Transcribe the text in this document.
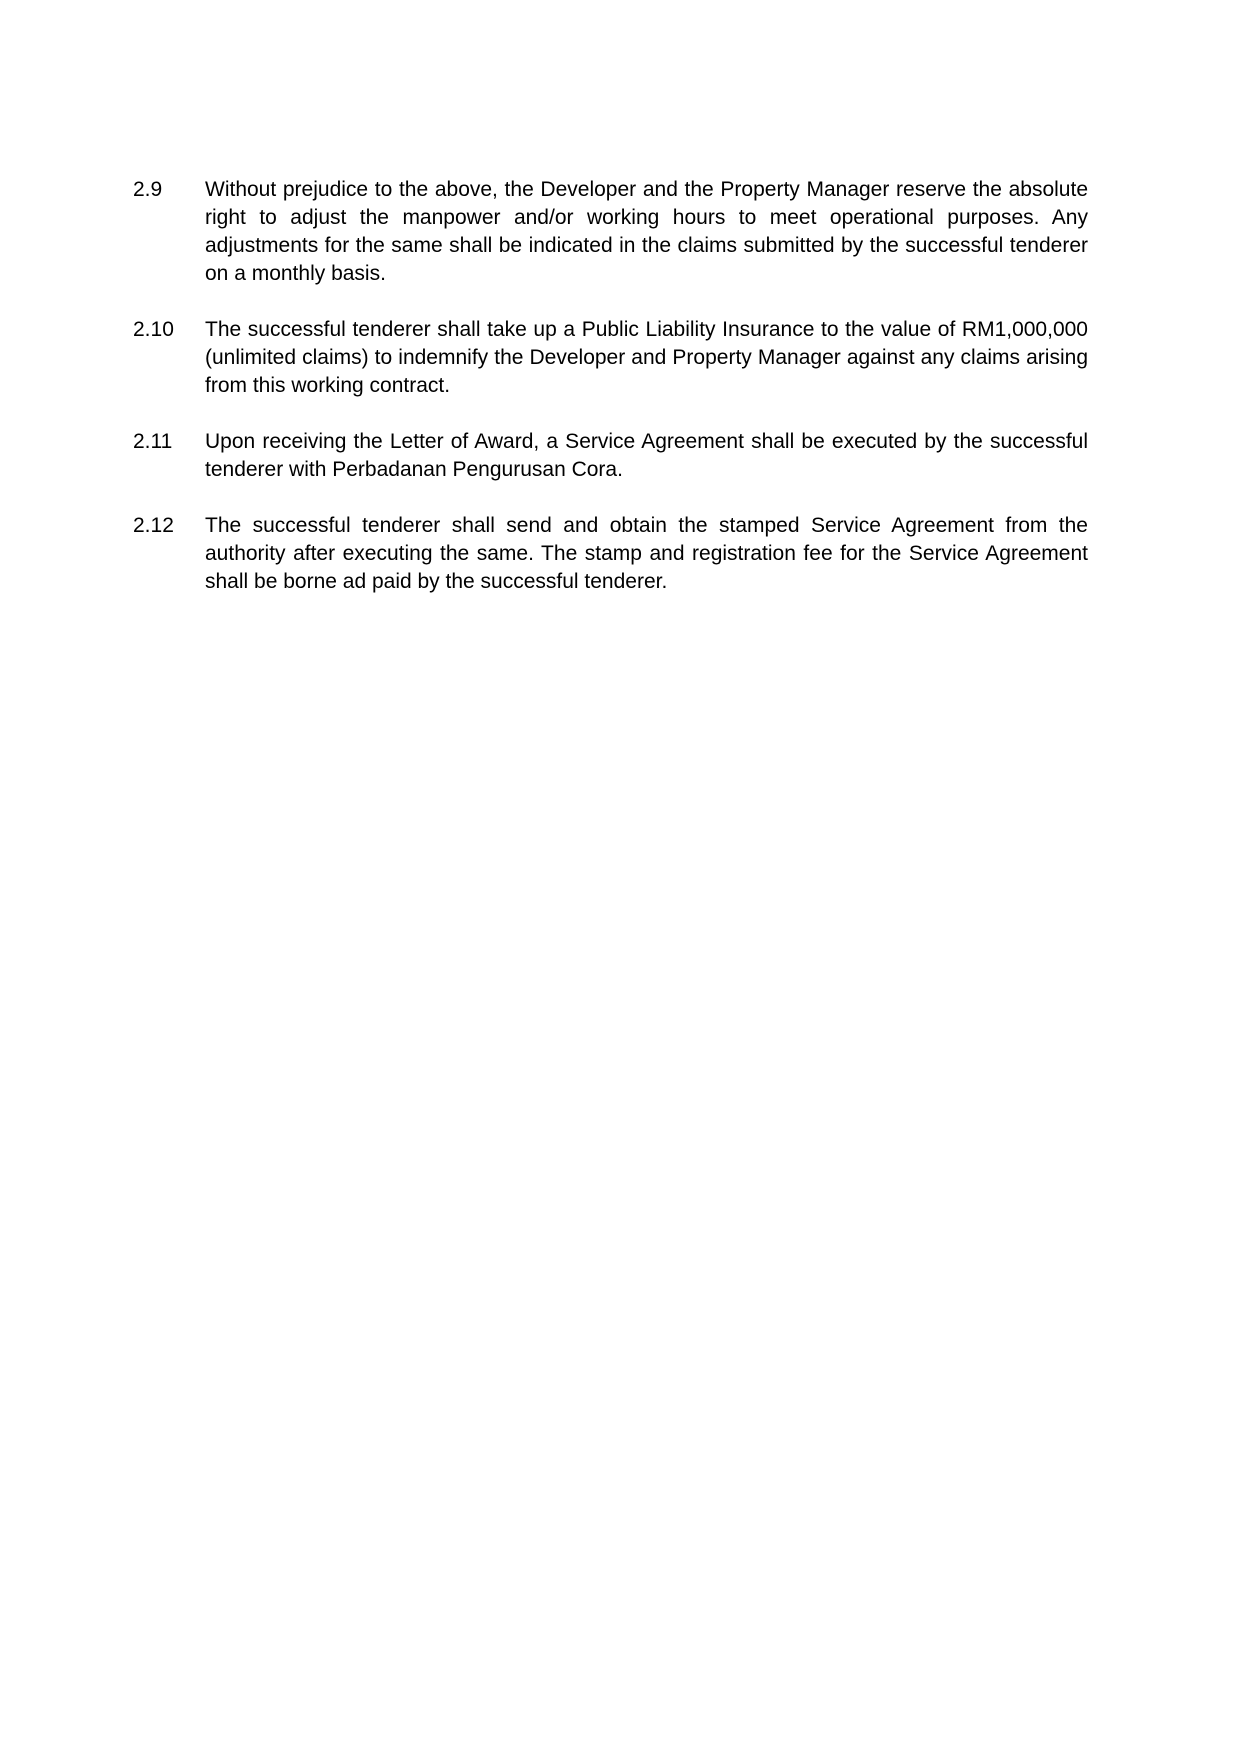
2.9	Without prejudice to the above, the Developer and the Property Manager reserve the absolute right to adjust the manpower and/or working hours to meet operational purposes. Any adjustments for the same shall be indicated in the claims submitted by the successful tenderer on a monthly basis.
2.10	The successful tenderer shall take up a Public Liability Insurance to the value of RM1,000,000 (unlimited claims) to indemnify the Developer and Property Manager against any claims arising from this working contract.
2.11	Upon receiving the Letter of Award, a Service Agreement shall be executed by the successful tenderer with Perbadanan Pengurusan Cora.
2.12	The successful tenderer shall send and obtain the stamped Service Agreement from the authority after executing the same. The stamp and registration fee for the Service Agreement shall be borne ad paid by the successful tenderer.
